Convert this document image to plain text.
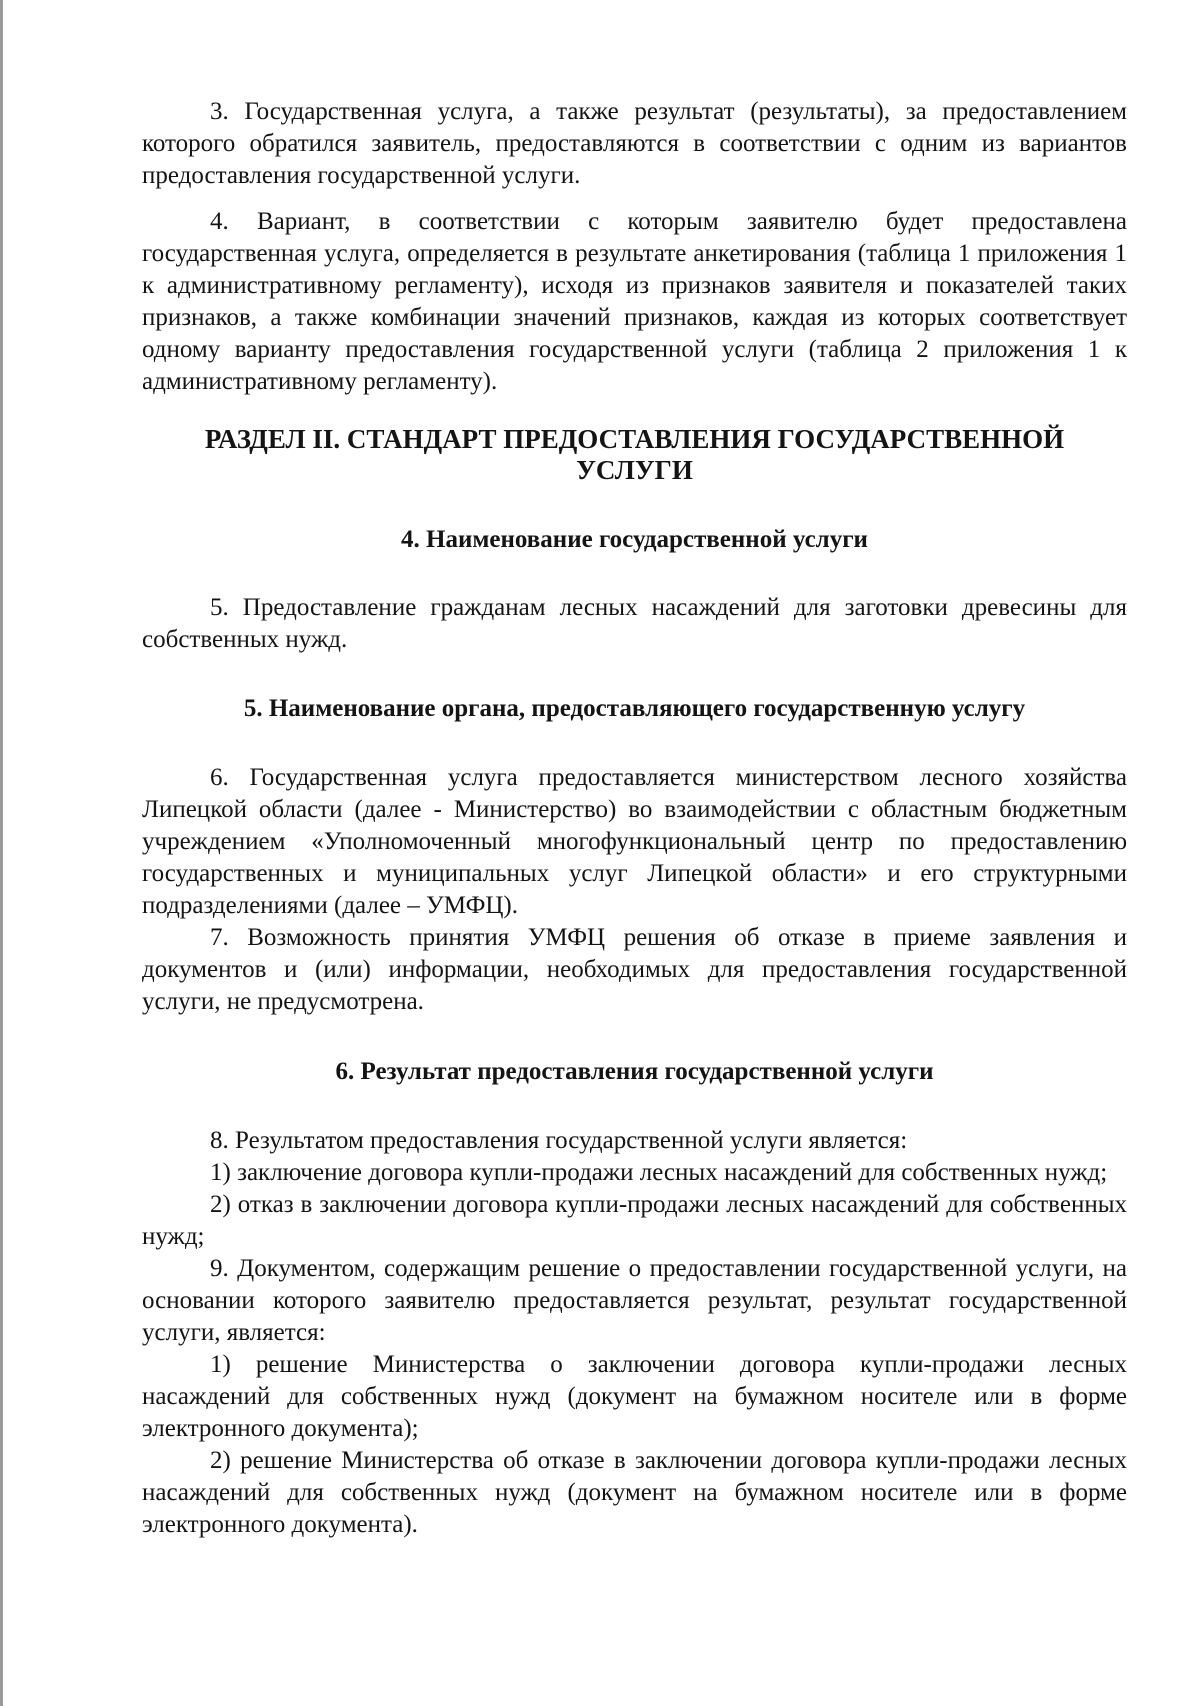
3. Государственная услуга, а также результат (результаты), за предоставлением которого обратился заявитель, предоставляются в соответствии с одним из вариантов предоставления государственной услуги.

4. Вариант, в соответствии с которым заявителю будет предоставлена государственная услуга, определяется в результате анкетирования (таблица 1 приложения 1 к административному регламенту), исходя из признаков заявителя и показателей таких признаков, а также комбинации значений признаков, каждая из которых соответствует одному варианту предоставления государственной услуги (таблица 2 приложения 1 к административному регламенту).

РАЗДЕЛ II. СТАНДАРТ ПРЕДОСТАВЛЕНИЯ ГОСУДАРСТВЕННОЙ
УСЛУГИ
4. Наименование государственной услуги

5. Предоставление гражданам лесных насаждений для заготовки древесины для собственных нужд.

5. Наименование органа, предоставляющего государственную услугу

6. Государственная услуга предоставляется министерством лесного хозяйства Липецкой области (далее - Министерство) во взаимодействии с областным бюджетным учреждением «Уполномоченный многофункциональный центр по предоставлению государственных и муниципальных услуг Липецкой области» и его структурными подразделениями (далее – УМФЦ).

7. Возможность принятия УМФЦ решения об отказе в приеме заявления и документов и (или) информации, необходимых для предоставления государственной услуги, не предусмотрена.

6. Результат предоставления государственной услуги

8. Результатом предоставления государственной услуги является:

1) заключение договора купли-продажи лесных насаждений для собственных нужд;

2) отказ в заключении договора купли-продажи лесных насаждений для собственных нужд;

9. Документом, содержащим решение о предоставлении государственной услуги, на основании которого заявителю предоставляется результат, результат государственной услуги, является:

1) решение Министерства о заключении договора купли-продажи лесных насаждений для собственных нужд (документ на бумажном носителе или в форме электронного документа);

2) решение Министерства об отказе в заключении договора купли-продажи лесных насаждений для собственных нужд (документ на бумажном носителе или в форме электронного документа).
